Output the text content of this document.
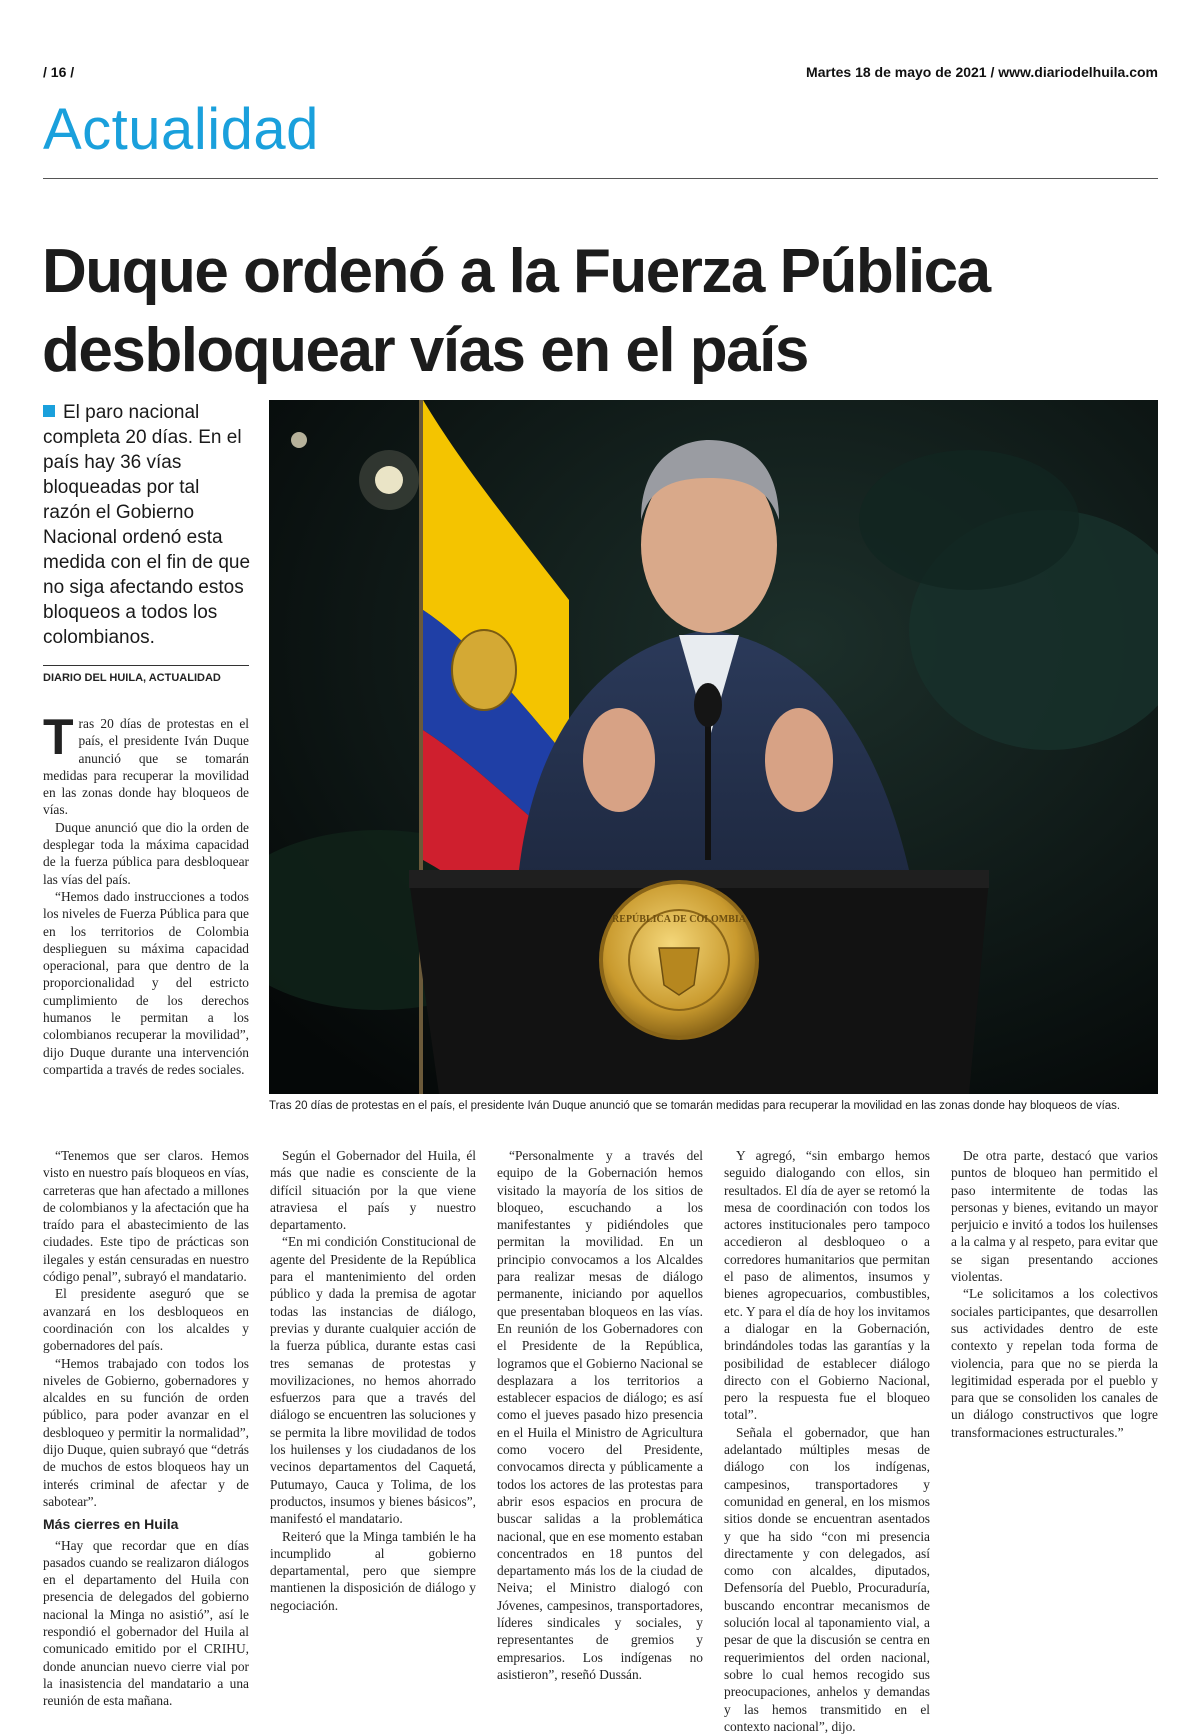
/ 16 /	Martes 18 de mayo de 2021 / www.diariodelhuila.com
Actualidad
Duque ordenó a la Fuerza Pública
desbloquear vías en el país
El paro nacional completa 20 días. En el país hay 36 vías bloqueadas por tal razón el Gobierno Nacional ordenó esta medida con el fin de que no siga afectando estos bloqueos a todos los colombianos.
DIARIO DEL HUILA, ACTUALIDAD
REPÚBLICA DE COLOMBIA
Tras 20 días de protestas en el país, el presidente Iván Duque anunció que se tomarán medidas para recuperar la movilidad en las zonas donde hay bloqueos de vías.

Tras 20 días de protestas en el país, el presidente Iván Duque anunció que se tomarán medidas para recuperar la movilidad en las zonas donde hay bloqueos de vías.

Duque anunció que dio la orden de desplegar toda la máxima capacidad de la fuerza pública para desbloquear las vías del país.

“Hemos dado instrucciones a todos los niveles de Fuerza Pública para que en los territorios de Colombia desplieguen su máxima capacidad operacional, para que dentro de la proporcionalidad y del estricto cumplimiento de los derechos humanos le permitan a los colombianos recuperar la movilidad”, dijo Duque durante una intervención compartida a través de redes sociales.

“Tenemos que ser claros. Hemos visto en nuestro país bloqueos en vías, carreteras que han afectado a millones de colombianos y la afectación que ha traído para el abastecimiento de las ciudades. Este tipo de prácticas son ilegales y están censuradas en nuestro código penal”, subrayó el mandatario.

El presidente aseguró que se avanzará en los desbloqueos en coordinación con los alcaldes y gobernadores del país.

“Hemos trabajado con todos los niveles de Gobierno, gobernadores y alcaldes en su función de orden público, para poder avanzar en el desbloqueo y permitir la normalidad”, dijo Duque, quien subrayó que “detrás de muchos de estos bloqueos hay un interés criminal de afectar y de sabotear”.

Más cierres en Huila

“Hay que recordar que en días pasados cuando se realizaron diálogos en el departamento del Huila con presencia de delegados del gobierno nacional la Minga no asistió”, así le respondió el gobernador del Huila al comunicado emitido por el CRIHU, donde anuncian nuevo cierre vial por la inasistencia del mandatario a una reunión de esta mañana.

Según el Gobernador del Huila, él más que nadie es consciente de la difícil situación por la que viene atraviesa el país y nuestro departamento.

“En mi condición Constitucional de agente del Presidente de la República para el mantenimiento del orden público y dada la premisa de agotar todas las instancias de diálogo, previas y durante cualquier acción de la fuerza pública, durante estas casi tres semanas de protestas y movilizaciones, no hemos ahorrado esfuerzos para que a través del diálogo se encuentren las soluciones y se permita la libre movilidad de todos los huilenses y los ciudadanos de los vecinos departamentos del Caquetá, Putumayo, Cauca y Tolima, de los productos, insumos y bienes básicos”, manifestó el mandatario.

Reiteró que la Minga también le ha incumplido al gobierno departamental, pero que siempre mantienen la disposición de diálogo y negociación.

“Personalmente y a través del equipo de la Gobernación hemos visitado la mayoría de los sitios de bloqueo, escuchando a los manifestantes y pidiéndoles que permitan la movilidad. En un principio convocamos a los Alcaldes para realizar mesas de diálogo permanente, iniciando por aquellos que presentaban bloqueos en las vías. En reunión de los Gobernadores con el Presidente de la República, logramos que el Gobierno Nacional se desplazara a los territorios a establecer espacios de diálogo; es así como el jueves pasado hizo presencia en el Huila el Ministro de Agricultura como vocero del Presidente, convocamos directa y públicamente a todos los actores de las protestas para abrir esos espacios en procura de buscar salidas a la problemática nacional, que en ese momento estaban concentrados en 18 puntos del departamento más los de la ciudad de Neiva; el Ministro dialogó con Jóvenes, campesinos, transportadores, líderes sindicales y sociales, y representantes de gremios y empresarios. Los indígenas no asistieron”, reseñó Dussán.

Y agregó, “sin embargo hemos seguido dialogando con ellos, sin resultados. El día de ayer se retomó la mesa de coordinación con todos los actores institucionales pero tampoco accedieron al desbloqueo o a corredores humanitarios que permitan el paso de alimentos, insumos y bienes agropecuarios, combustibles, etc. Y para el día de hoy los invitamos a dialogar en la Gobernación, brindándoles todas las garantías y la posibilidad de establecer diálogo directo con el Gobierno Nacional, pero la respuesta fue el bloqueo total”.

Señala el gobernador, que han adelantado múltiples mesas de diálogo con los indígenas, campesinos, transportadores y comunidad en general, en los mismos sitios donde se encuentran asentados y que ha sido “con mi presencia directamente y con delegados, así como con alcaldes, diputados, Defensoría del Pueblo, Procuraduría, buscando encontrar mecanismos de solución local al taponamiento vial, a pesar de que la discusión se centra en requerimientos del orden nacional, sobre lo cual hemos recogido sus preocupaciones, anhelos y demandas y las hemos transmitido en el contexto nacional”, dijo.

De otra parte, destacó que varios puntos de bloqueo han permitido el paso intermitente de todas las personas y bienes, evitando un mayor perjuicio e invitó a todos los huilenses a la calma y al respeto, para evitar que se sigan presentando acciones violentas.

“Le solicitamos a los colectivos sociales participantes, que desarrollen sus actividades dentro de este contexto y repelan toda forma de violencia, para que no se pierda la legitimidad esperada por el pueblo y para que se consoliden los canales de un diálogo constructivos que logre transformaciones estructurales.”
